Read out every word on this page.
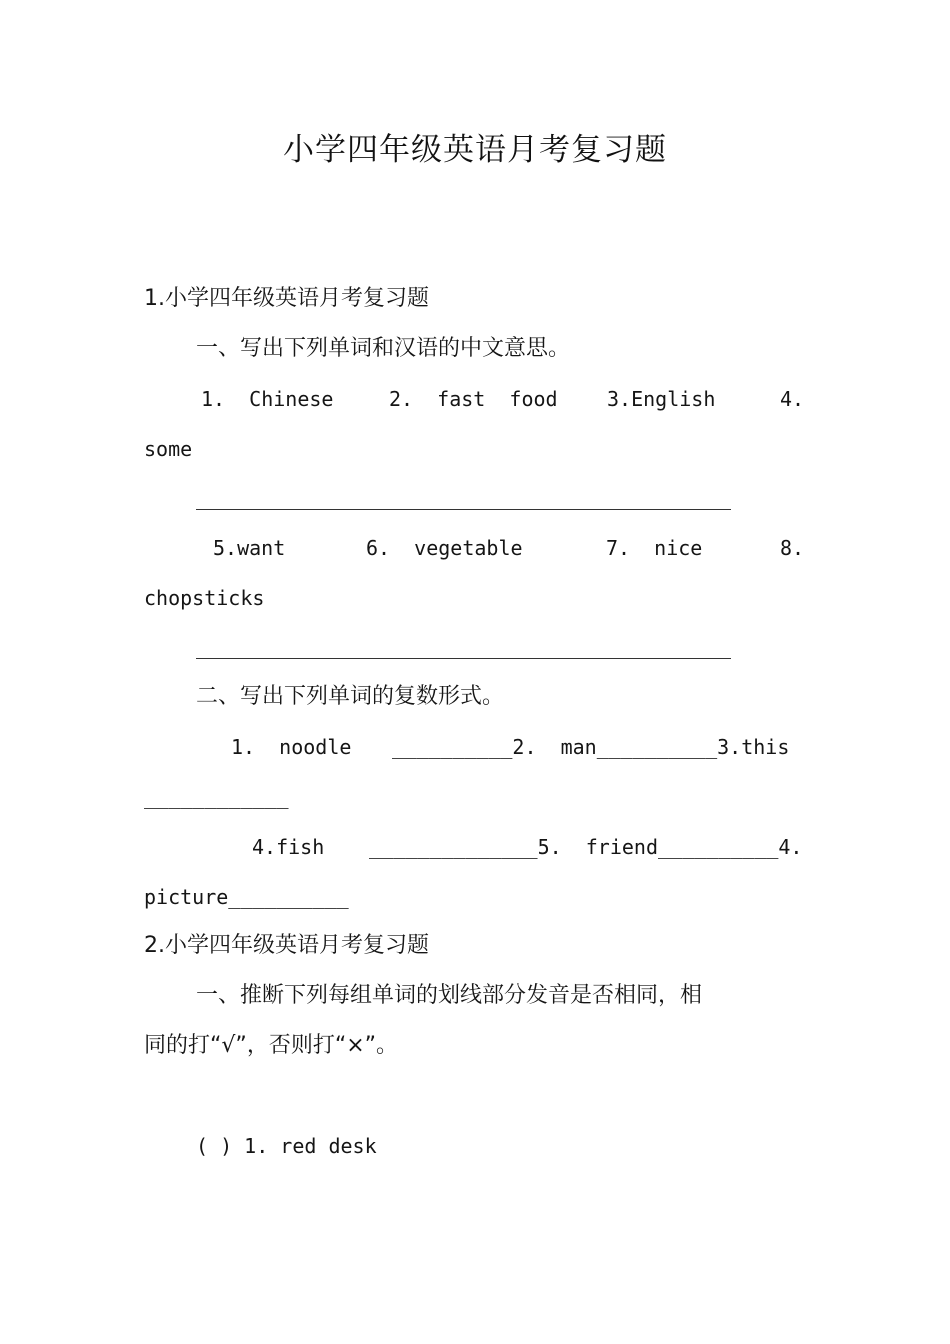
小学四年级英语月考复习题
1.小学四年级英语月考复习题
一、写出下列单词和汉语的中文意思。
1.  Chinese	2.  fast  food 3.English	4.
some
5.want	6.  vegetable	7.  nice	8.
chopsticks
二、写出下列单词的复数形式。
1.  noodle __________2.  man__________3.this
____________
4.fish ______________5.  friend__________4.
picture__________
2.小学四年级英语月考复习题
一、推断下列每组单词的划线部分发音是否相同，相
同的打“√”，否则打“×”。
( ) 1. red desk
